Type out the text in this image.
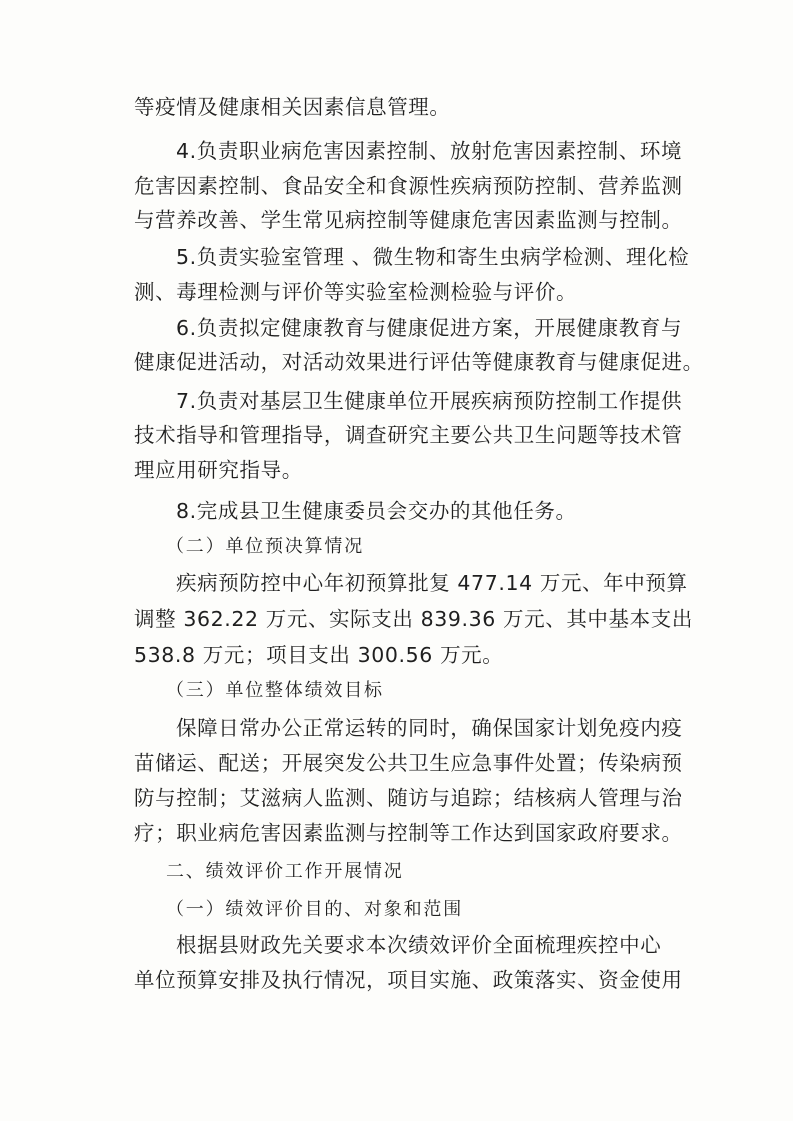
等疫情及健康相关因素信息管理。
4.负责职业病危害因素控制、放射危害因素控制、环境
危害因素控制、食品安全和食源性疾病预防控制、营养监测
与营养改善、学生常见病控制等健康危害因素监测与控制。
5.负责实验室管理 、微生物和寄生虫病学检测、理化检
测、毒理检测与评价等实验室检测检验与评价。
6.负责拟定健康教育与健康促进方案，开展健康教育与
健康促进活动，对活动效果进行评估等健康教育与健康促进。
7.负责对基层卫生健康单位开展疾病预防控制工作提供
技术指导和管理指导，调查研究主要公共卫生问题等技术管
理应用研究指导。
8.完成县卫生健康委员会交办的其他任务。
（二）单位预决算情况
疾病预防控中心年初预算批复 477.14 万元、年中预算
调整 362.22 万元、实际支出 839.36 万元、其中基本支出
538.8 万元；项目支出 300.56 万元。
（三）单位整体绩效目标
保障日常办公正常运转的同时，确保国家计划免疫内疫
苗储运、配送；开展突发公共卫生应急事件处置；传染病预
防与控制；艾滋病人监测、随访与追踪；结核病人管理与治
疗；职业病危害因素监测与控制等工作达到国家政府要求。
二、绩效评价工作开展情况
（一）绩效评价目的、对象和范围
根据县财政先关要求本次绩效评价全面梳理疾控中心
单位预算安排及执行情况，项目实施、政策落实、资金使用
